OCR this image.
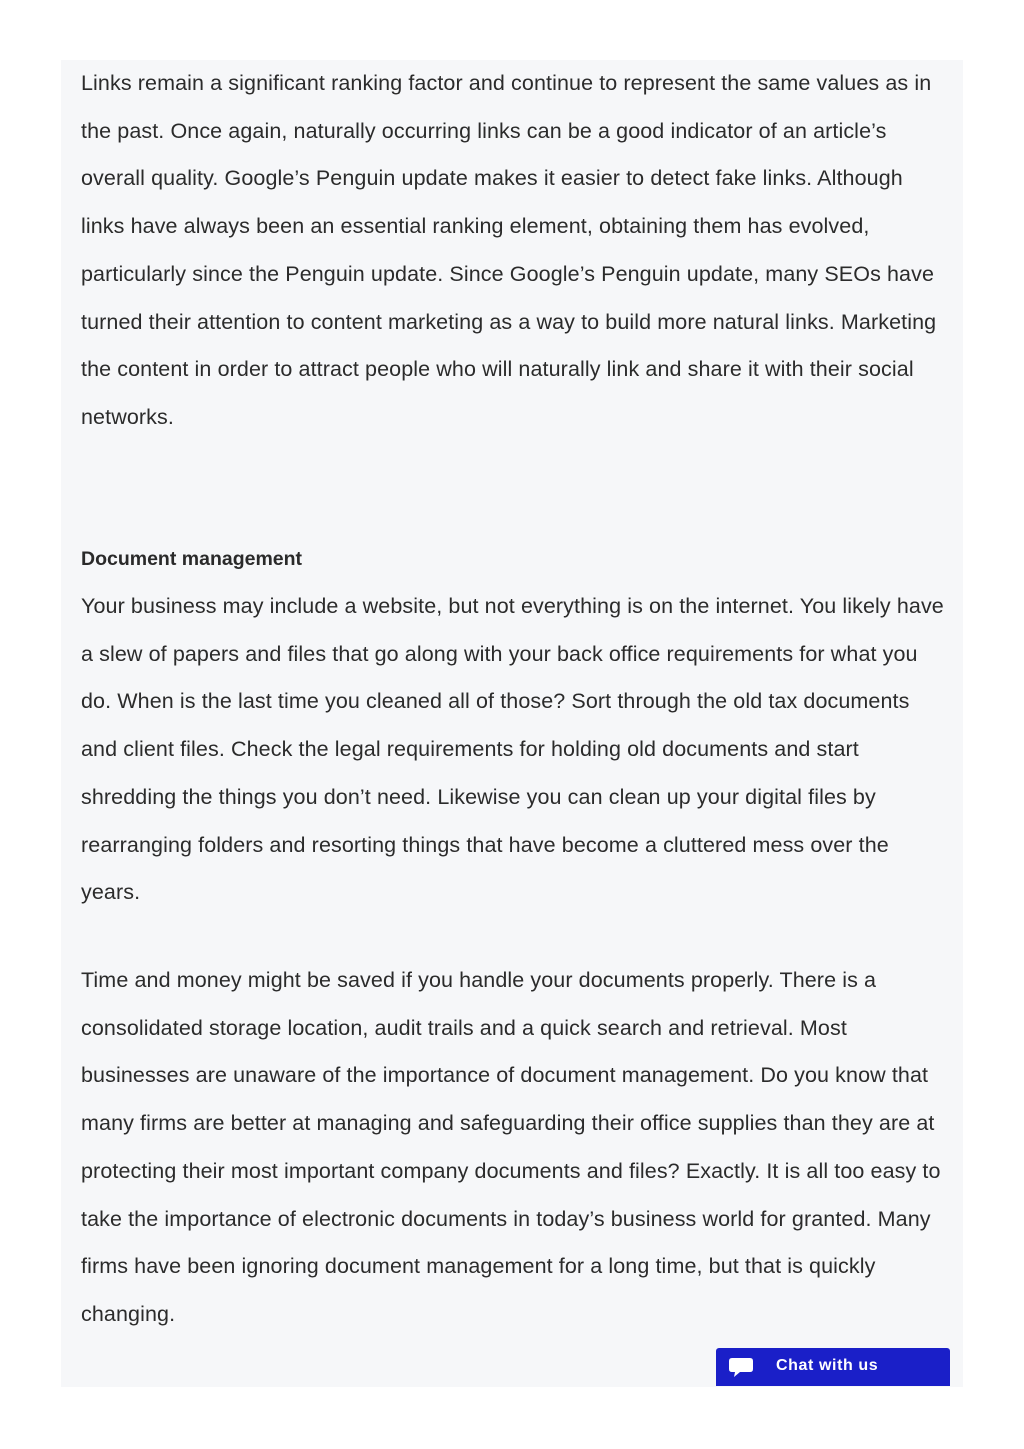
Links remain a significant ranking factor and continue to represent the same values as in the past. Once again, naturally occurring links can be a good indicator of an article’s overall quality. Google’s Penguin update makes it easier to detect fake links. Although links have always been an essential ranking element, obtaining them has evolved, particularly since the Penguin update. Since Google’s Penguin update, many SEOs have turned their attention to content marketing as a way to build more natural links. Marketing the content in order to attract people who will naturally link and share it with their social networks.

Document management

Your business may include a website, but not everything is on the internet. You likely have a slew of papers and files that go along with your back office requirements for what you do. When is the last time you cleaned all of those? Sort through the old tax documents and client files. Check the legal requirements for holding old documents and start shredding the things you don’t need. Likewise you can clean up your digital files by rearranging folders and resorting things that have become a cluttered mess over the years.

Time and money might be saved if you handle your documents properly. There is a consolidated storage location, audit trails and a quick search and retrieval. Most businesses are unaware of the importance of document management. Do you know that many firms are better at managing and safeguarding their office supplies than they are at protecting their most important company documents and files? Exactly. It is all too easy to take the importance of electronic documents in today’s business world for granted. Many firms have been ignoring document management for a long time, but that is quickly changing.

Chat with us
